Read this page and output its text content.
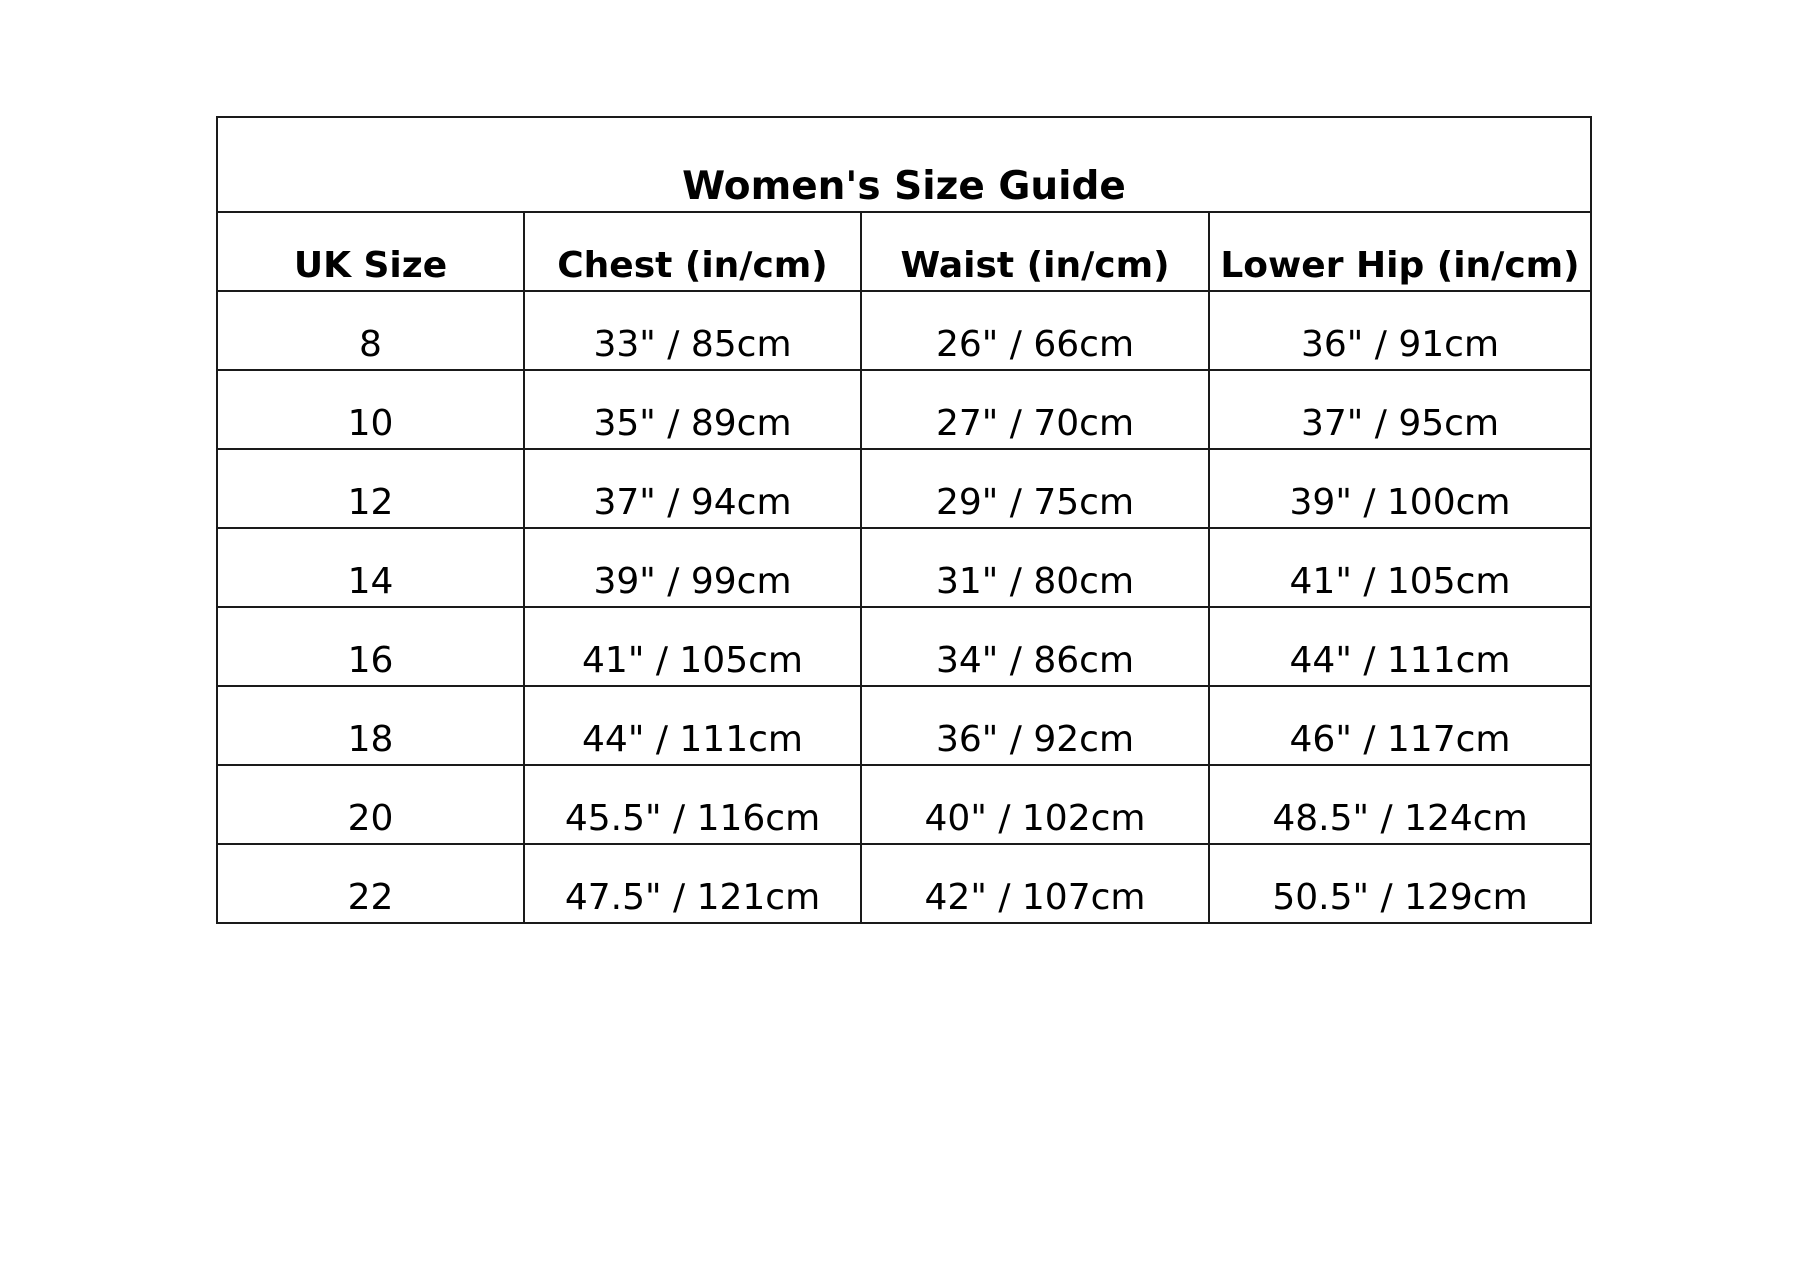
Women's Size Guide			
UK Size	Chest (in/cm)	Waist (in/cm)	Lower Hip (in/cm)
8	33" / 85cm	26" / 66cm	36" / 91cm
10	35" / 89cm	27" / 70cm	37" / 95cm
12	37" / 94cm	29" / 75cm	39" / 100cm
14	39" / 99cm	31" / 80cm	41" / 105cm
16	41" / 105cm	34" / 86cm	44" / 111cm
18	44" / 111cm	36" / 92cm	46" / 117cm
20	45.5" / 116cm	40" / 102cm	48.5" / 124cm
22	47.5" / 121cm	42" / 107cm	50.5" / 129cm
